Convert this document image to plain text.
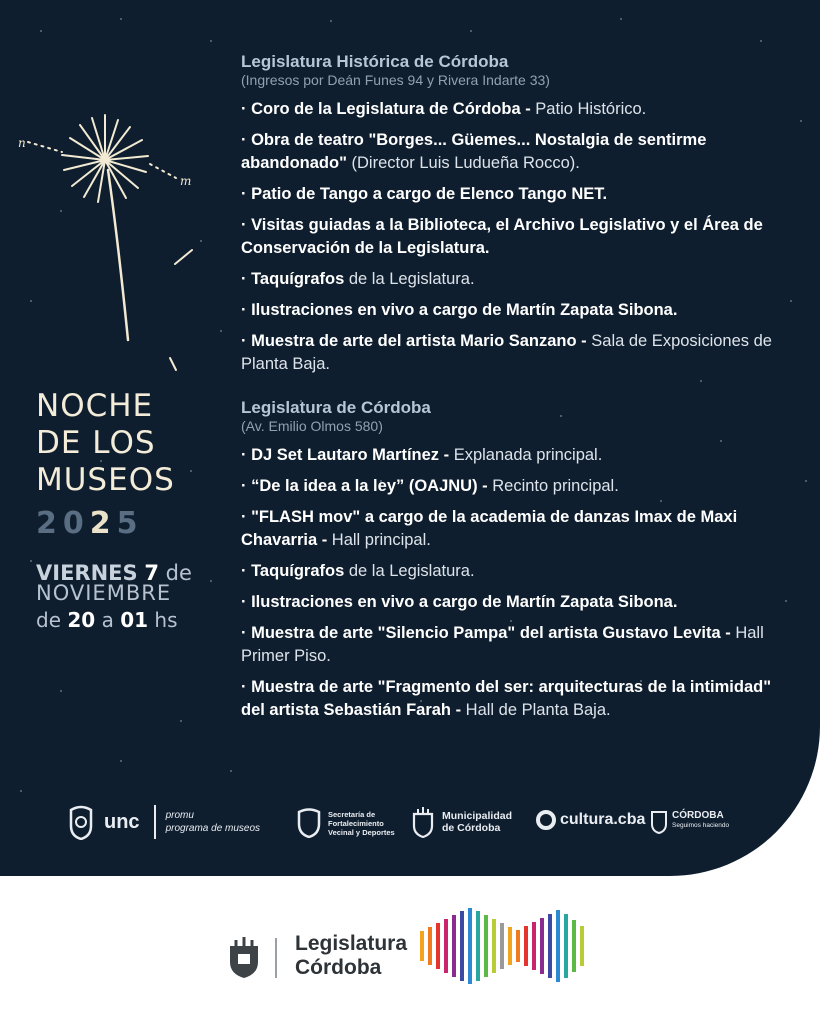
n
m
NOCHE
DE LOS
MUSEOS
2025
VIERNES 7 de
NOVIEMBRE
de 20 a 01 hs
Legislatura Histórica de Córdoba
(Ingresos por Deán Funes 94 y Rivera Indarte 33)
· Coro de la Legislatura de Córdoba - Patio Histórico.
· Obra de teatro "Borges... Güemes... Nostalgia de sentirme abandonado" (Director Luis Ludueña Rocco).
· Patio de Tango a cargo de Elenco Tango NET.
· Visitas guiadas a la Biblioteca, el Archivo Legislativo y el Área de Conservación de la Legislatura.
· Taquígrafos de la Legislatura.
· Ilustraciones en vivo a cargo de Martín Zapata Sibona.
· Muestra de arte del artista Mario Sanzano - Sala de Exposiciones de Planta Baja.
Legislatura de Córdoba
(Av. Emilio Olmos 580)
· DJ Set Lautaro Martínez - Explanada principal.
· “De la idea a la ley” (OAJNU) - Recinto principal.
· "FLASH mov" a cargo de la academia de danzas Imax de Maxi Chavarria - Hall principal.
· Taquígrafos de la Legislatura.
· Ilustraciones en vivo a cargo de Martín Zapata Sibona.
· Muestra de arte "Silencio Pampa" del artista Gustavo Levita - Hall Primer Piso.
· Muestra de arte "Fragmento del ser: arquitecturas de la intimidad" del artista Sebastián Farah - Hall de Planta Baja.
unc	promu
programa de museos
Secretaría de
Fortalecimiento
Vecinal y Deportes
Municipalidad
de Córdoba	cultura.cba	CÓRDOBA
Seguimos haciendo
Legislatura
Córdoba
